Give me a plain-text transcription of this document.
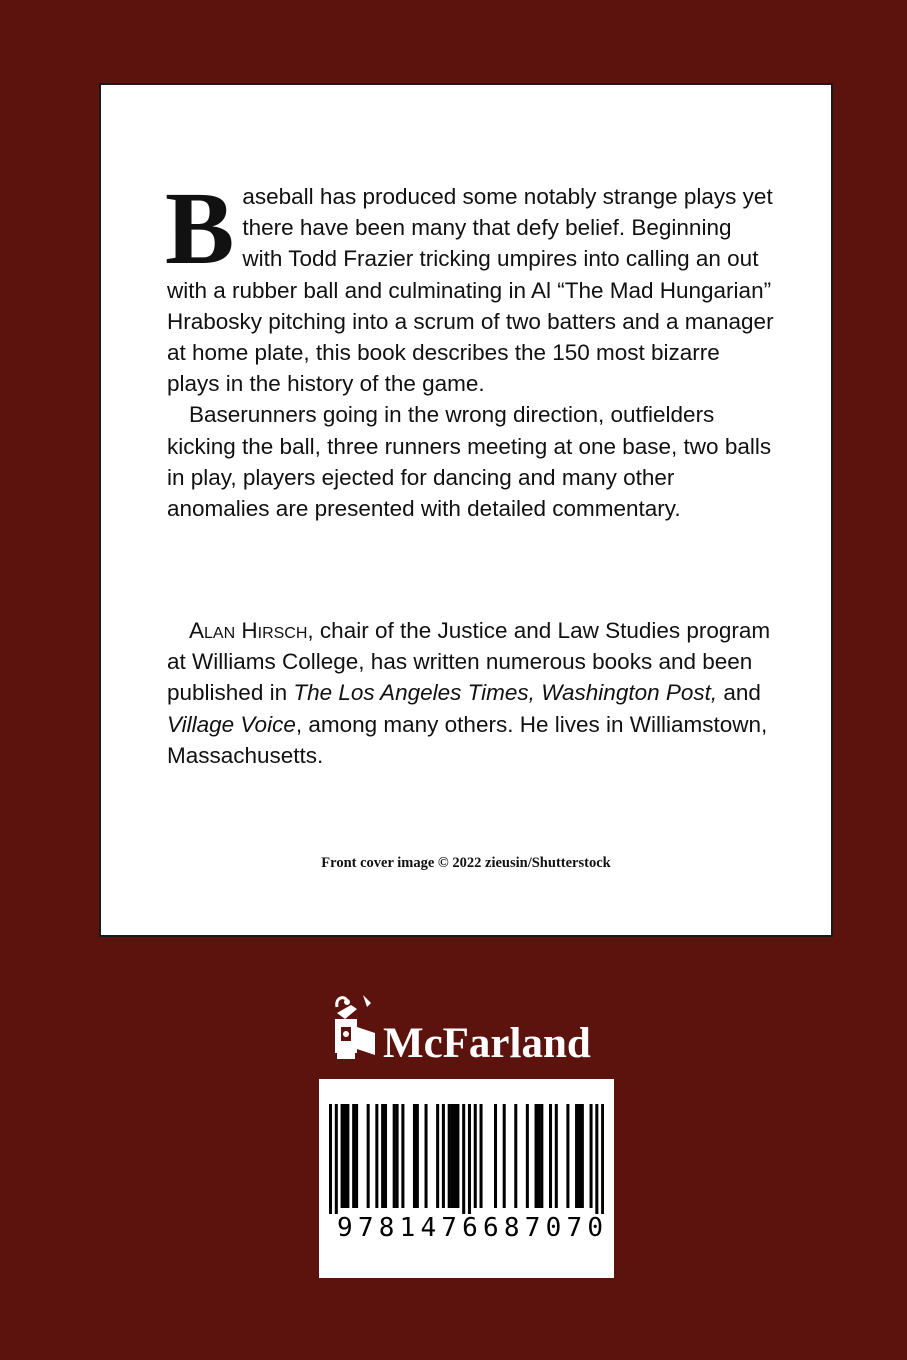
Baseball has produced some notably strange plays yet there have been many that defy belief. Beginning with Todd Frazier tricking umpires into calling an out with a rubber ball and culminating in Al “The Mad Hungarian” Hrabosky pitching into a scrum of two batters and a manager at home plate, this book describes the 150 most bizarre plays in the history of the game.

Baserunners going in the wrong direction, outfielders kicking the ball, three runners meeting at one base, two balls in play, players ejected for dancing and many other anomalies are presented with detailed commentary.

Alan Hirsch, chair of the Justice and Law Studies program at Williams College, has written numerous books and been published in The Los Angeles Times, Washington Post, and Village Voice, among many others. He lives in Williamstown, Massachusetts.

Front cover image © 2022 zieusin/Shutterstock
McFarland
9 7 8 1 4 7 6 6 8 7 0 7 0
